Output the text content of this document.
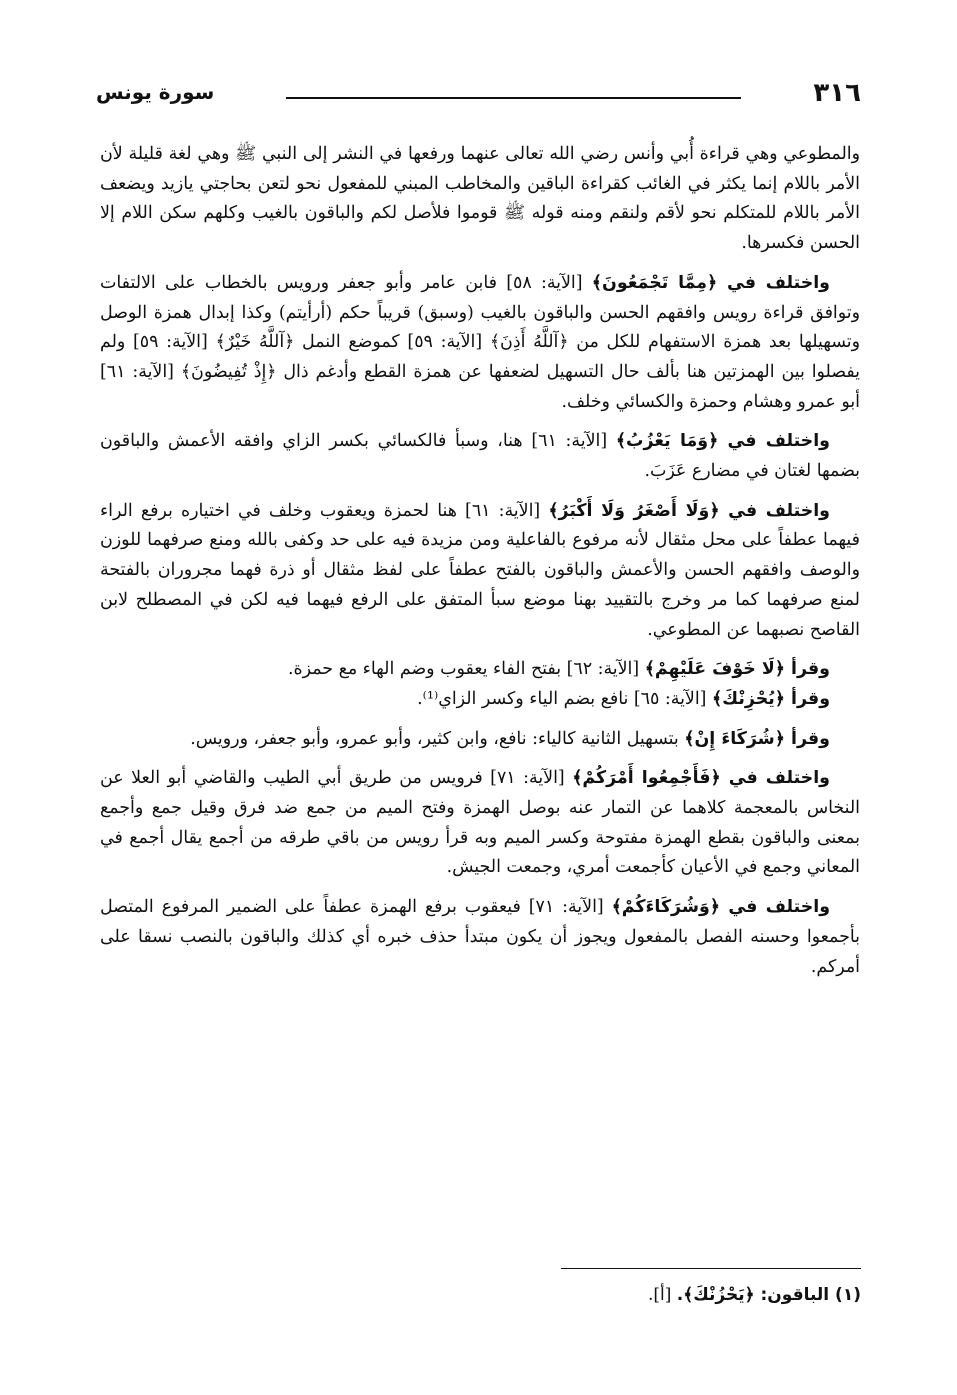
٣١٦
سورة يونس

والمطوعي وهي قراءة أُبي وأنس رضي الله تعالى عنهما ورفعها في النشر إلى النبي ﷺ وهي لغة قليلة لأن الأمر باللام إنما يكثر في الغائب كقراءة الباقين والمخاطب المبني للمفعول نحو لتعن بحاجتي يازيد ويضعف الأمر باللام للمتكلم نحو لأقم ولنقم ومنه قوله ﷺ قوموا فلأصل لكم والباقون بالغيب وكلهم سكن اللام إلا الحسن فكسرها.

واختلف في ﴿مِمَّا تَجْمَعُونَ﴾ [الآية: ٥٨] فابن عامر وأبو جعفر ورويس بالخطاب على الالتفات وتوافق قراءة رويس وافقهم الحسن والباقون بالغيب (وسبق) قريباً حكم (أرأيتم) وكذا إبدال همزة الوصل وتسهيلها بعد همزة الاستفهام للكل من ﴿آللَّهُ أَذِنَ﴾ [الآية: ٥٩] كموضع النمل ﴿آللَّهُ خَيْرٌ﴾ [الآية: ٥٩] ولم يفصلوا بين الهمزتين هنا بألف حال التسهيل لضعفها عن همزة القطع وأدغم ذال ﴿إِذْ تُفِيضُونَ﴾ [الآية: ٦١] أبو عمرو وهشام وحمزة والكسائي وخلف.

واختلف في ﴿وَمَا يَعْزُبُ﴾ [الآية: ٦١] هنا، وسبأ فالكسائي بكسر الزاي وافقه الأعمش والباقون بضمها لغتان في مضارع عَزَبَ.

واختلف في ﴿وَلَا أَصْغَرُ وَلَا أَكْبَرُ﴾ [الآية: ٦١] هنا لحمزة ويعقوب وخلف في اختياره برفع الراء فيهما عطفاً على محل مثقال لأنه مرفوع بالفاعلية ومن مزيدة فيه على حد وكفى بالله ومنع صرفهما للوزن والوصف وافقهم الحسن والأعمش والباقون بالفتح عطفاً على لفظ مثقال أو ذرة فهما مجروران بالفتحة لمنع صرفهما كما مر وخرج بالتقييد بهنا موضع سبأ المتفق على الرفع فيهما فيه لكن في المصطلح لابن القاصح نصبهما عن المطوعي.

وقرأ ﴿لَا خَوْفَ عَلَيْهِمْ﴾ [الآية: ٦٢] بفتح الفاء يعقوب وضم الهاء مع حمزة.

وقرأ ﴿يُحْزِنْكَ﴾ [الآية: ٦٥] نافع بضم الياء وكسر الزاي⁽¹⁾.

وقرأ ﴿شُرَكَاءَ إِنْ﴾ بتسهيل الثانية كالياء: نافع، وابن كثير، وأبو عمرو، وأبو جعفر، ورويس.

واختلف في ﴿فَأَجْمِعُوا أَمْرَكُمْ﴾ [الآية: ٧١] فرويس من طريق أبي الطيب والقاضي أبو العلا عن النخاس بالمعجمة كلاهما عن التمار عنه بوصل الهمزة وفتح الميم من جمع ضد فرق وقيل جمع وأجمع بمعنى والباقون بقطع الهمزة مفتوحة وكسر الميم وبه قرأ رويس من باقي طرقه من أجمع يقال أجمع في المعاني وجمع في الأعيان كأجمعت أمري، وجمعت الجيش.

واختلف في ﴿وَشُرَكَاءَكُمْ﴾ [الآية: ٧١] فيعقوب برفع الهمزة عطفاً على الضمير المرفوع المتصل بأجمعوا وحسنه الفصل بالمفعول ويجوز أن يكون مبتدأ حذف خبره أي كذلك والباقون بالنصب نسقا على أمركم.

(١) الباقون: ﴿يَحْزُنْكَ﴾. [أ].
